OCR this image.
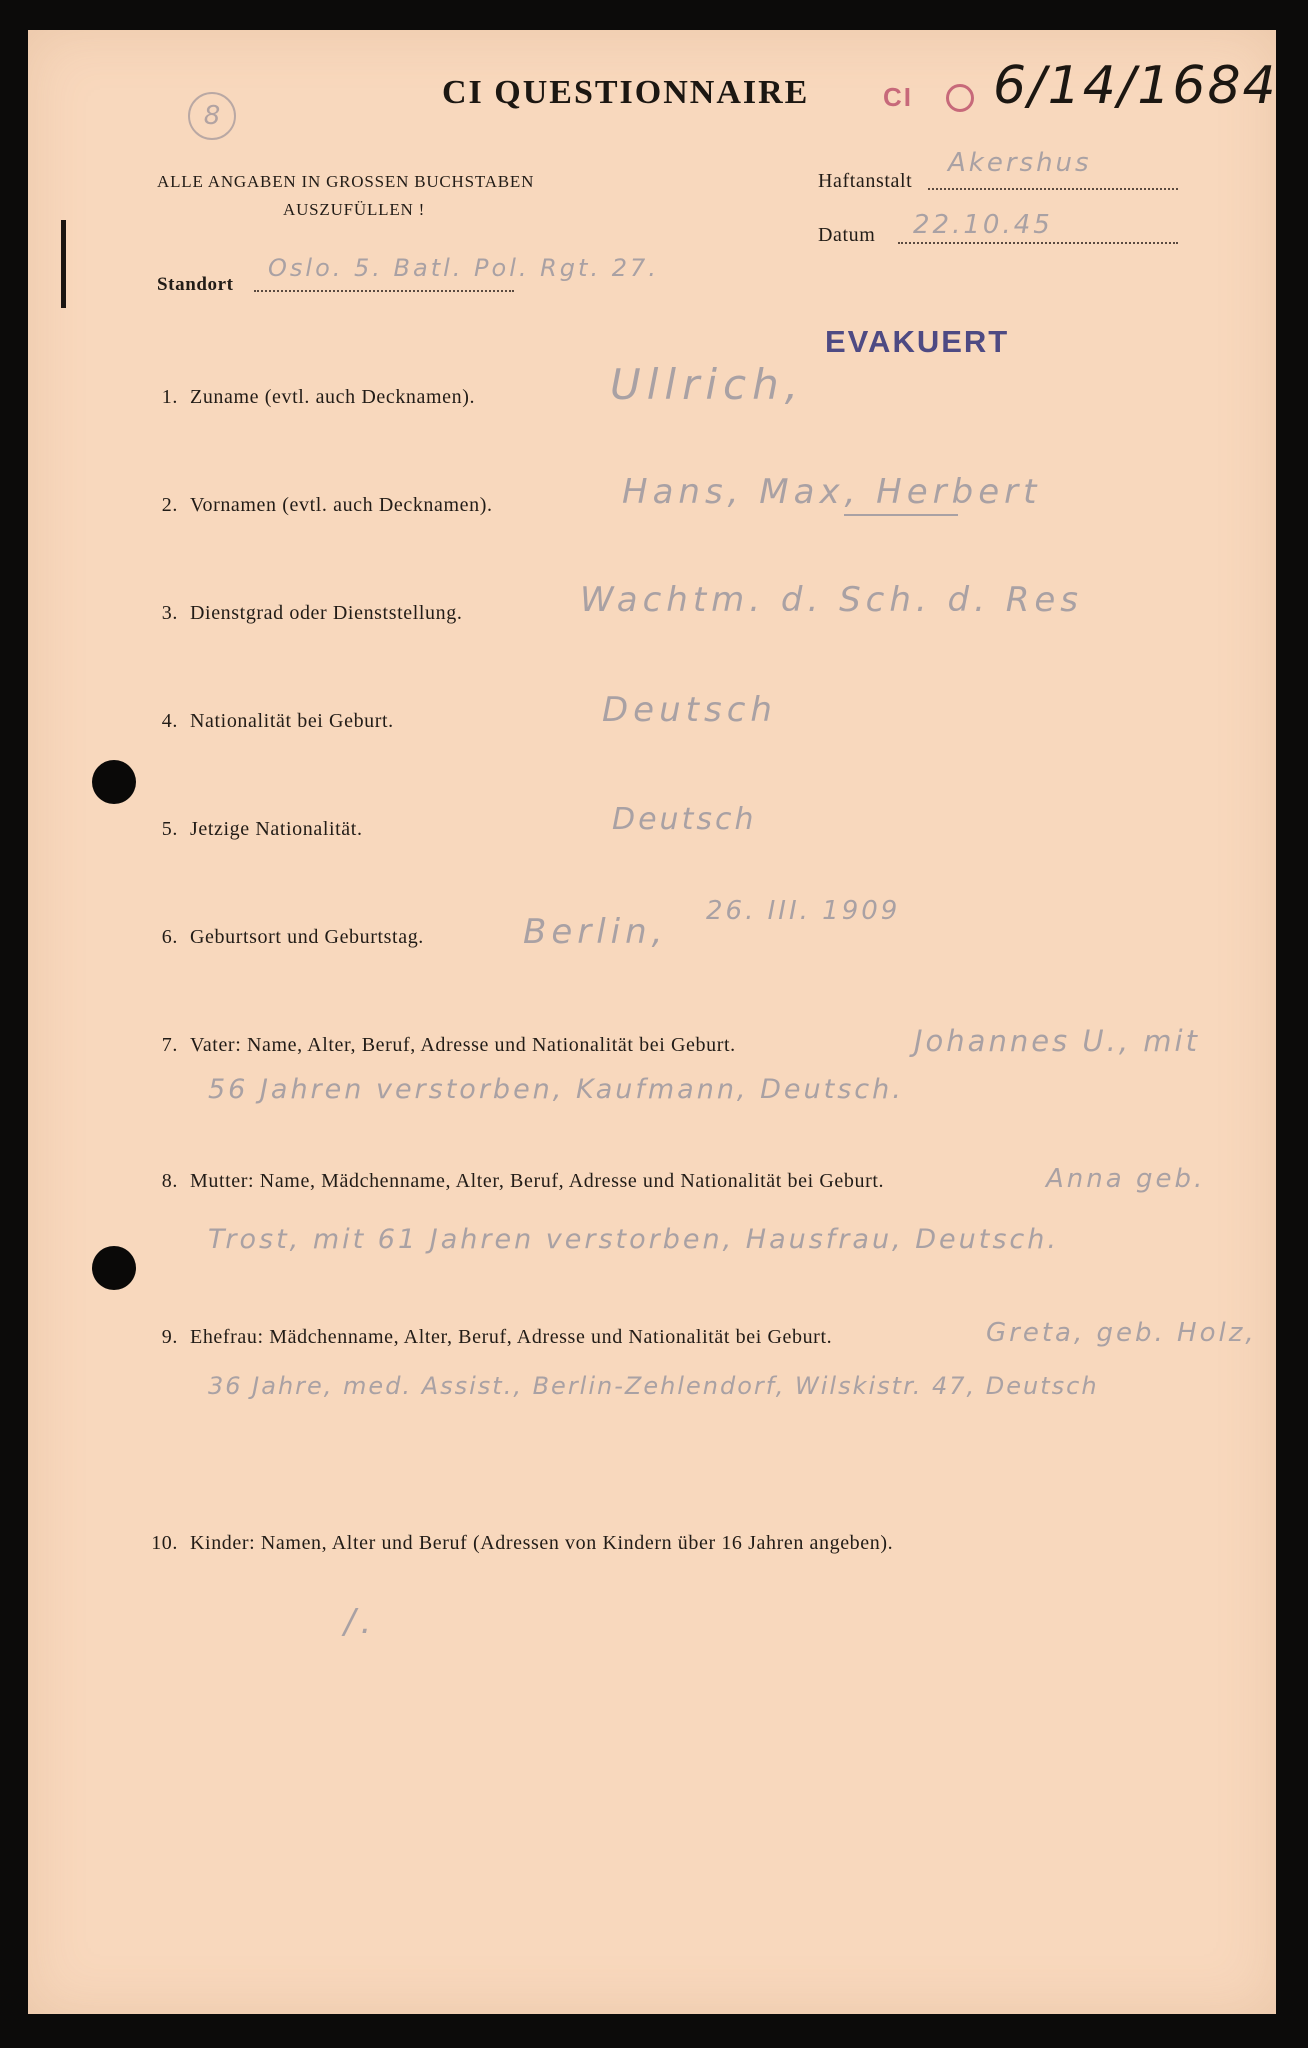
8
CI QUESTIONNAIRE	CI 6/14/1684
ALLE ANGABEN IN GROSSEN BUCHSTABEN
AUSZUFÜLLEN !
Haftanstalt
Akershus
Datum 22.10.45
Standort
Oslo. 5. Batl. Pol. Rgt. 27.
EVAKUERT
1. Zuname (evtl. auch Decknamen).	Ullrich,
2. Vornamen (evtl. auch Decknamen).	Hans, Max, Herbert
3. Dienstgrad oder Dienststellung.	Wachtm. d. Sch. d. Res
4. Nationalität bei Geburt.	Deutsch
5. Jetzige Nationalität.	Deutsch
6. Geburtsort und Geburtstag.	Berlin,
26. III. 1909
7. Vater: Name, Alter, Beruf, Adresse und Nationalität bei Geburt.	Johannes U., mit
56 Jahren verstorben, Kaufmann, Deutsch.
8. Mutter: Name, Mädchenname, Alter, Beruf, Adresse und Nationalität bei Geburt.	Anna geb.
Trost, mit 61 Jahren verstorben, Hausfrau, Deutsch.
9. Ehefrau: Mädchenname, Alter, Beruf, Adresse und Nationalität bei Geburt.	Greta, geb. Holz,
36 Jahre, med. Assist., Berlin-Zehlendorf, Wilskistr. 47, Deutsch
10. Kinder: Namen, Alter und Beruf (Adressen von Kindern über 16 Jahren angeben).
/.
